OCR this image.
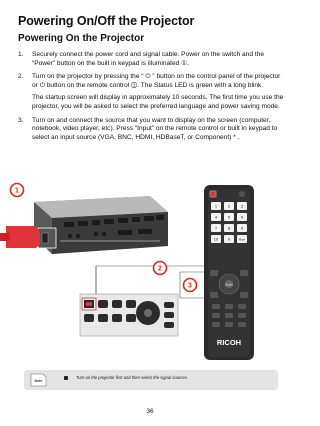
Powering On/Off the Projector
Powering On the Projector
1. Securely connect the power cord and signal cable. Power on the switch and the “Power” button on the built in keypad is illuminated ①.
2. Turn on the projector by pressing the “ ⏻ ” button on the control panel of the projector or ⏻ button on the remote control ②. The Status LED is green with a long blink.
The startup screen will display in approximately 10 seconds. The first time you use the projector, you will be asked to select the preferred language and power saving mode.
3. Turn on and connect the source that you want to display on the screen (computer, notebook, video player, etc). Press “Input” on the remote control or built in keypad to select an input source (VGA, BNC, HDMI, HDBaseT, or Component) * .
1	2	3
4	5	6
7	8	9
10 0	Mute
Enter
RICOH
1
2
3
Note
Turn on the projector first and then select the signal sources.
36
